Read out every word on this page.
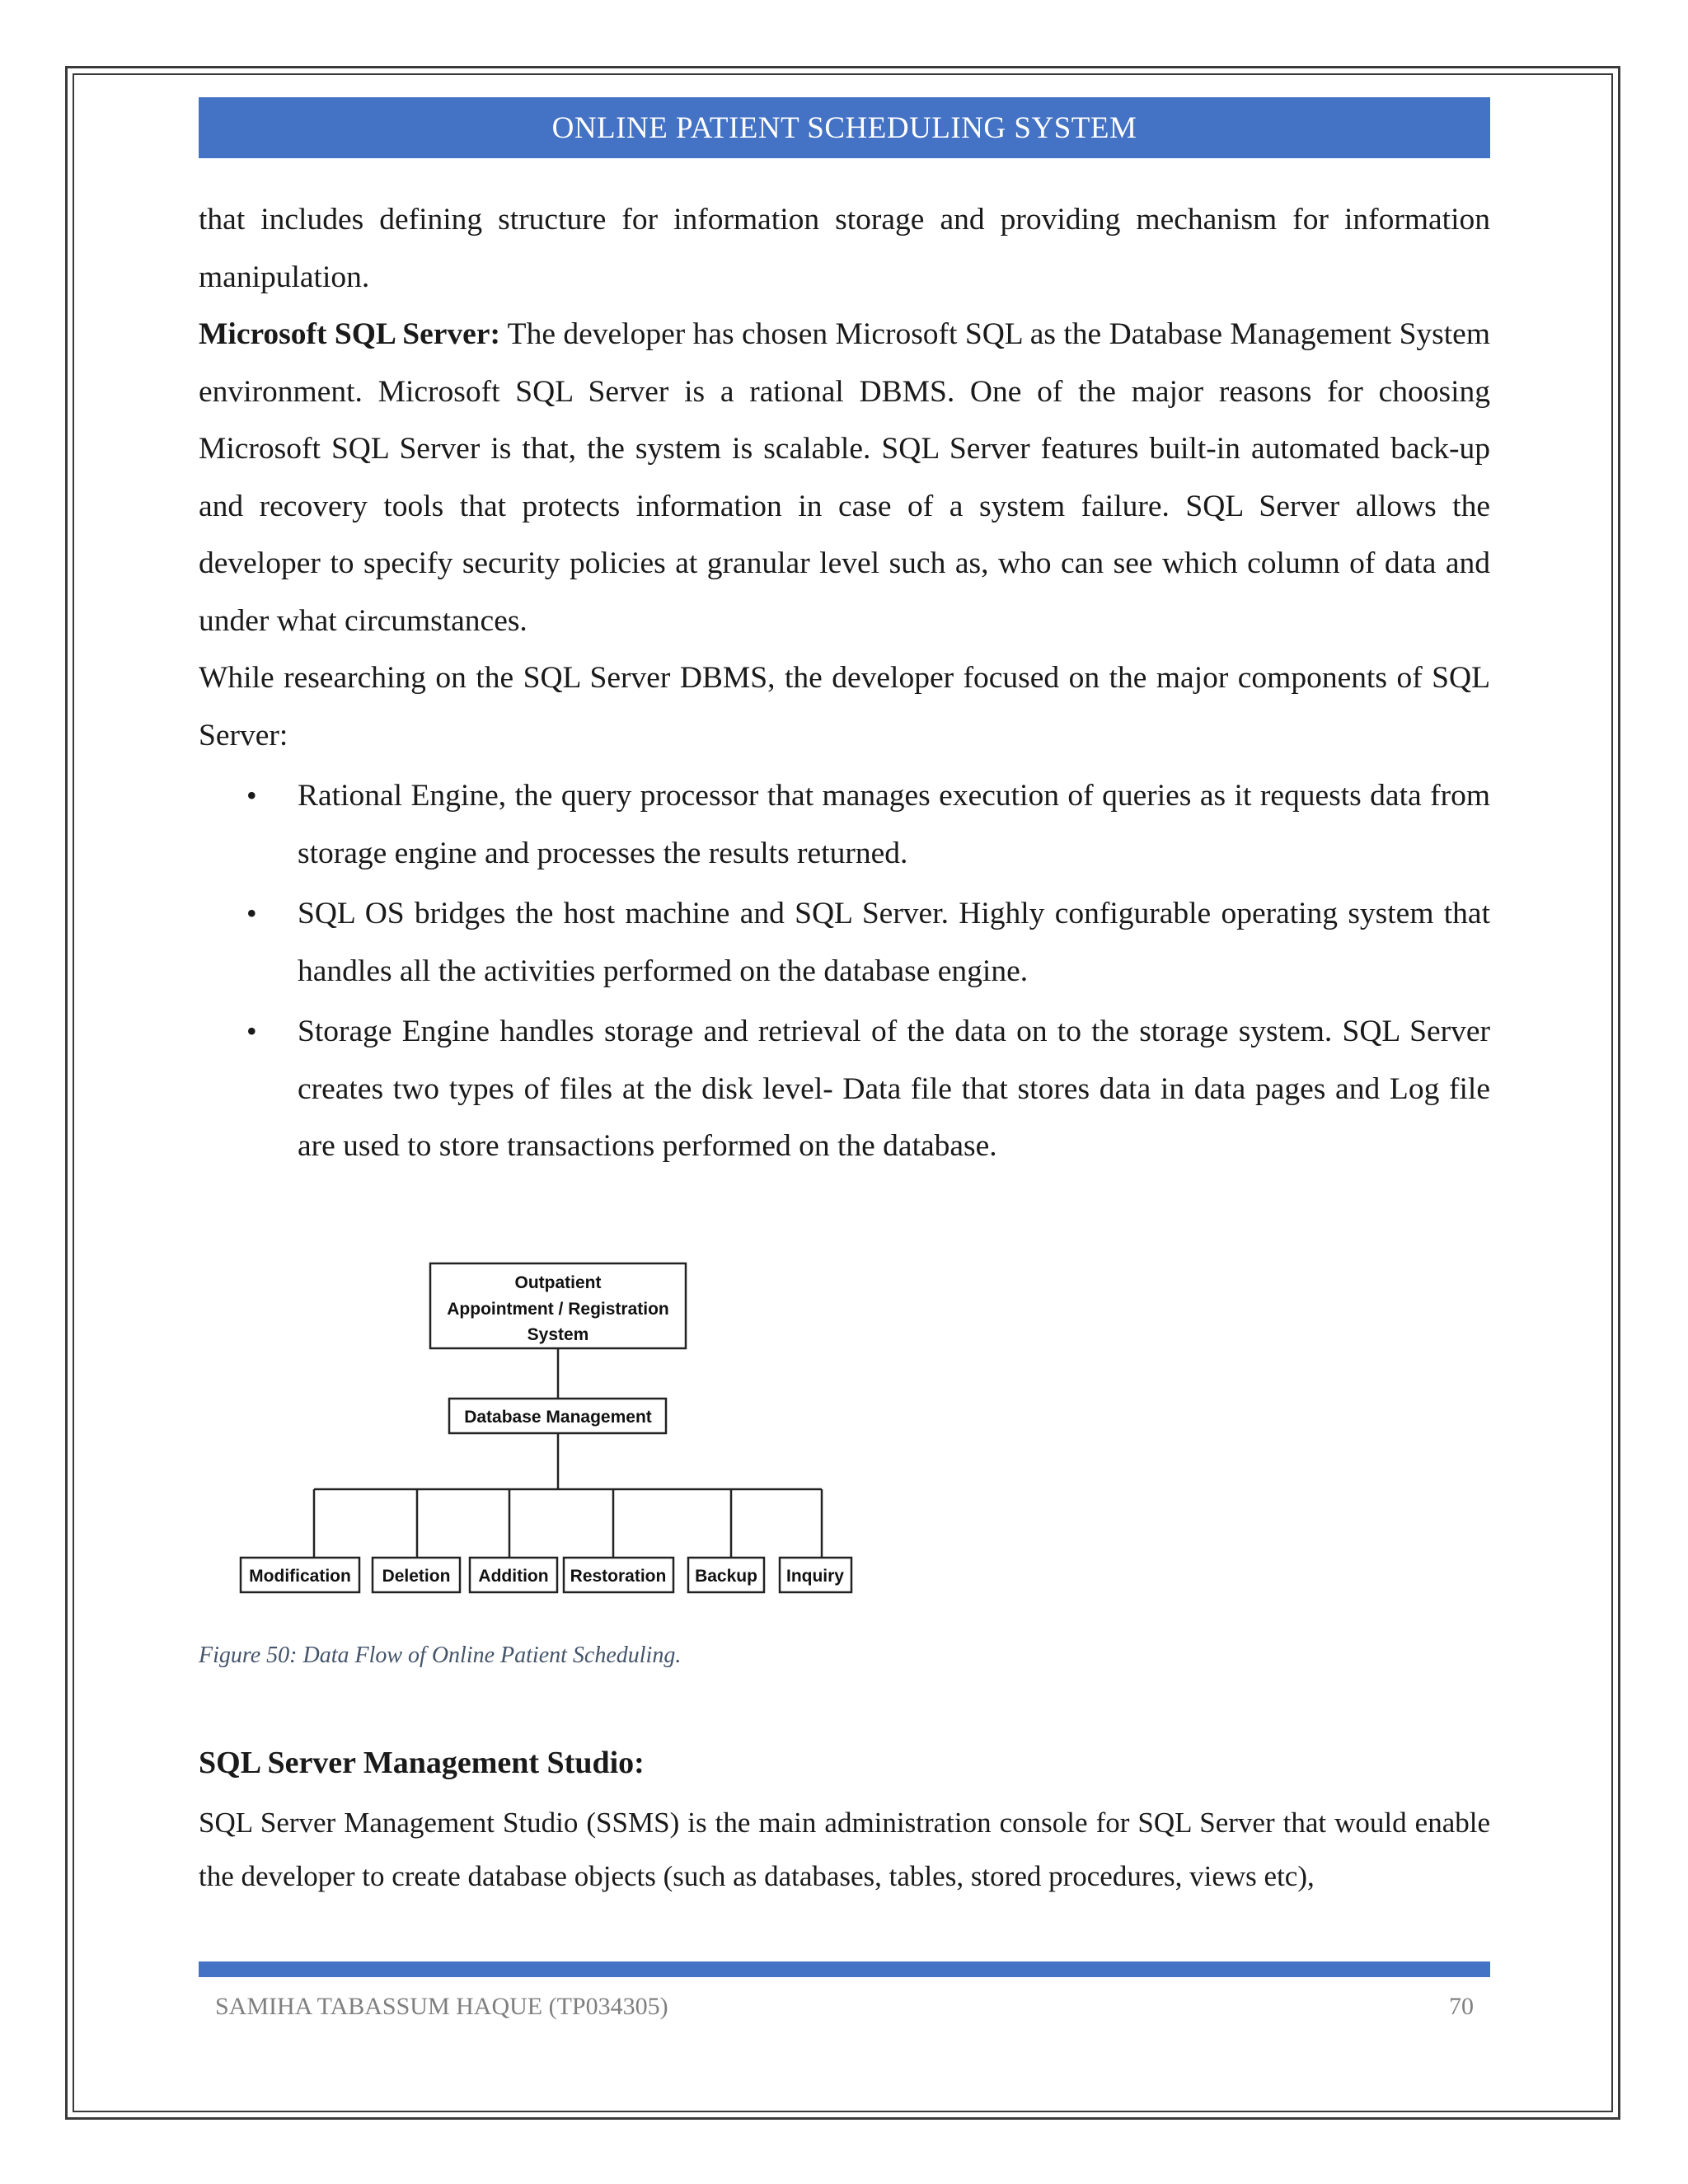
ONLINE PATIENT SCHEDULING SYSTEM

that includes defining structure for information storage and providing mechanism for information manipulation.

Microsoft SQL Server: The developer has chosen Microsoft SQL as the Database Management System environment. Microsoft SQL Server is a rational DBMS. One of the major reasons for choosing Microsoft SQL Server is that, the system is scalable. SQL Server features built-in automated back-up and recovery tools that protects information in case of a system failure. SQL Server allows the developer to specify security policies at granular level such as, who can see which column of data and under what circumstances.

While researching on the SQL Server DBMS, the developer focused on the major components of SQL Server:

• Rational Engine, the query processor that manages execution of queries as it requests data from storage engine and processes the results returned.
• SQL OS bridges the host machine and SQL Server. Highly configurable operating system that handles all the activities performed on the database engine.
• Storage Engine handles storage and retrieval of the data on to the storage system. SQL Server creates two types of files at the disk level- Data file that stores data in data pages and Log file are used to store transactions performed on the database.
Outpatient
Appointment / Registration
System
Database Management
Modification Deletion Addition Restoration Backup Inquiry
Figure 50: Data Flow of Online Patient Scheduling.
SQL Server Management Studio:
SQL Server Management Studio (SSMS) is the main administration console for SQL Server that would enable the developer to create database objects (such as databases, tables, stored procedures, views etc),
SAMIHA TABASSUM HAQUE (TP034305)	70
